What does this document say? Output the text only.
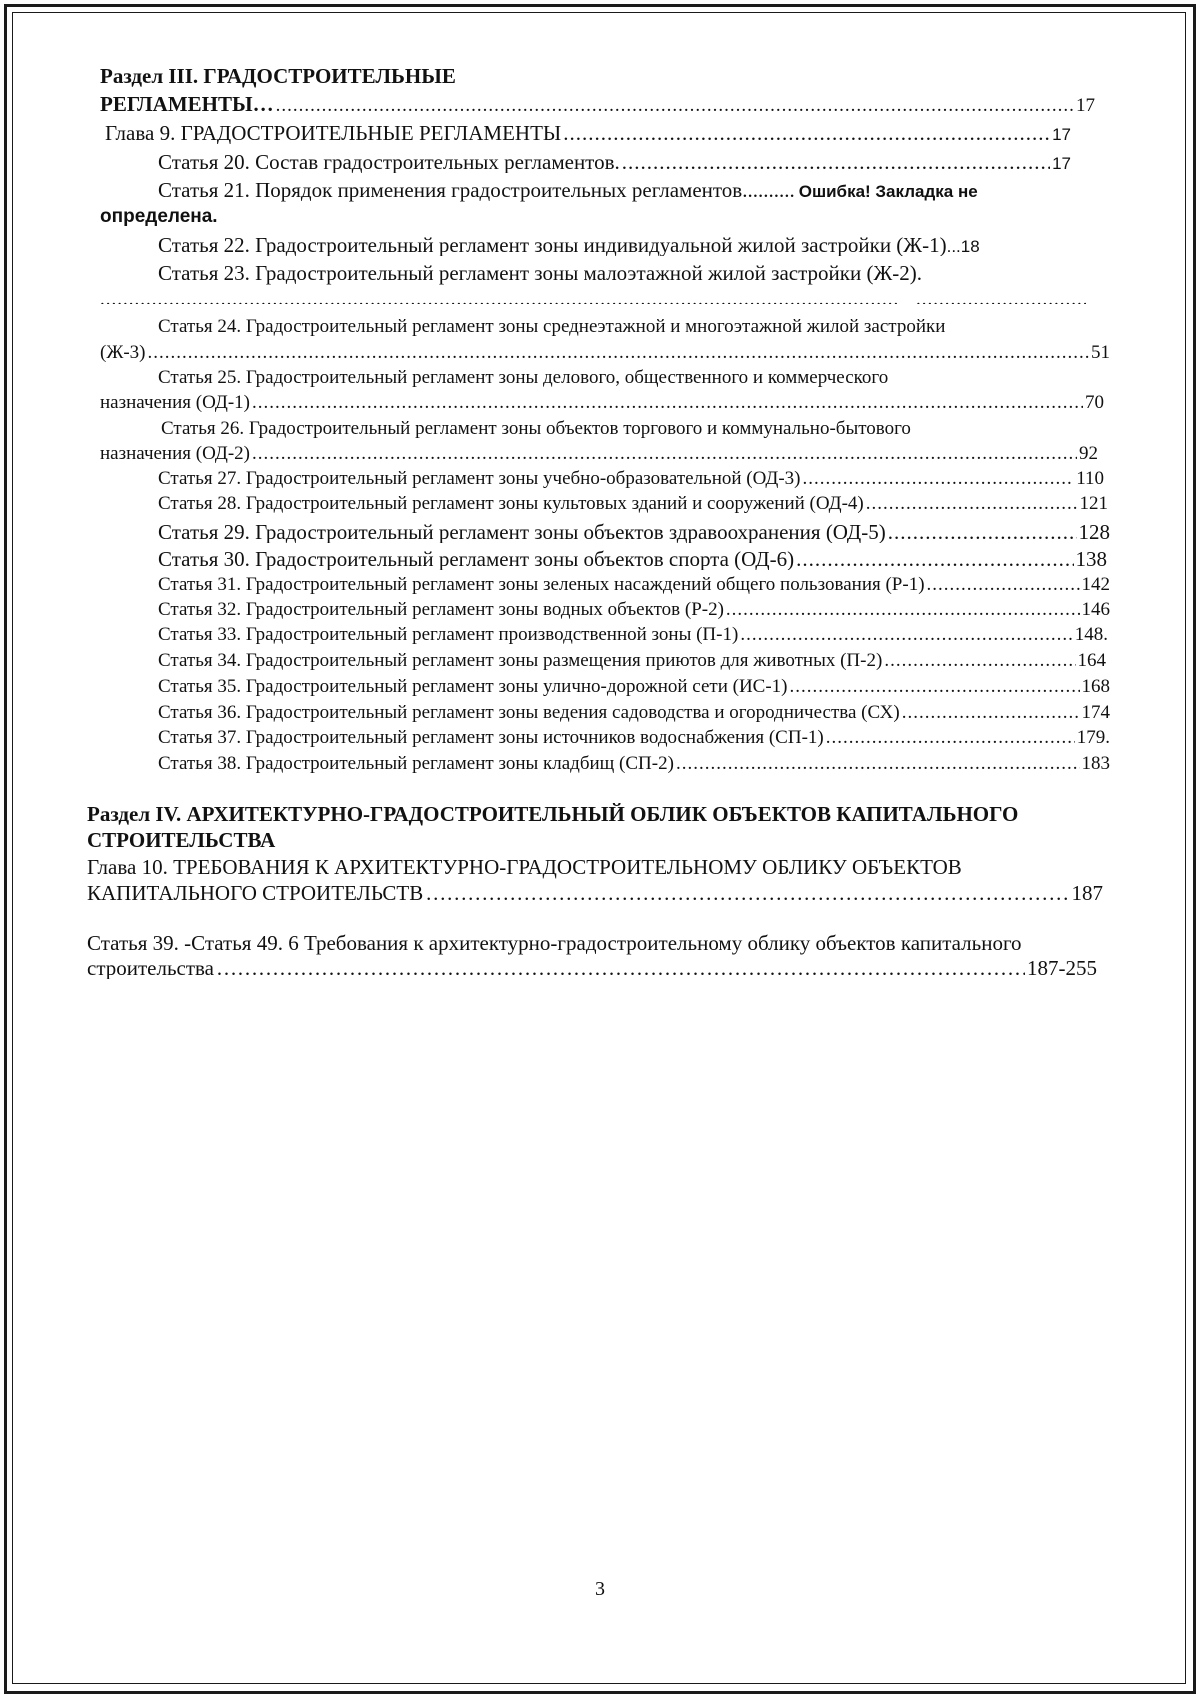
Раздел III. ГРАДОСТРОИТЕЛЬНЫЕ
РЕГЛАМЕНТЫ… .....	17
Глава 9. ГРАДОСТРОИТЕЛЬНЫЕ РЕГЛАМЕНТЫ .....	17
Статья 20. Состав градостроительных регламентов. .....	17
Статья 21. Порядок применения градостроительных регламентов. ......... Ошибка! Закладка не
определена.
Статья 22. Градостроительный регламент зоны индивидуальной жилой застройки (Ж-1) ...18
Статья 23. Градостроительный регламент зоны малоэтажной жилой застройки (Ж-2).
.....
.....
Статья 24. Градостроительный регламент зоны среднеэтажной и многоэтажной жилой застройки
(Ж-3) .....	51
Статья 25. Градостроительный регламент зоны делового, общественного и коммерческого
назначения (ОД-1) .....	70
Статья 26. Градостроительный регламент зоны объектов торгового и коммунально-бытового
назначения (ОД-2) .....	92
Статья 27. Градостроительный регламент зоны учебно-образовательной (ОД-3) .....	110
Статья 28. Градостроительный регламент зоны культовых зданий и сооружений (ОД-4) .....	121
Статья 29. Градостроительный регламент зоны объектов здравоохранения (ОД-5) .....	128
Статья 30. Градостроительный регламент зоны объектов спорта (ОД-6) .....	138
Статья 31. Градостроительный регламент зоны зеленых насаждений общего пользования (Р-1) .....	142
Статья 32. Градостроительный регламент зоны водных объектов (Р-2) .....	146
Статья 33. Градостроительный регламент производственной зоны (П-1) .....	148.
Статья 34. Градостроительный регламент зоны размещения приютов для животных (П-2) .....	164
Статья 35. Градостроительный регламент зоны улично-дорожной сети (ИС-1) .....	168
Статья 36. Градостроительный регламент зоны ведения садоводства и огородничества (СХ) .....	174
Статья 37. Градостроительный регламент зоны источников водоснабжения (СП-1) .....	179.
Статья 38. Градостроительный регламент зоны кладбищ (СП-2) .....	183
Раздел IV. АРХИТЕКТУРНО-ГРАДОСТРОИТЕЛЬНЫЙ ОБЛИК ОБЪЕКТОВ КАПИТАЛЬНОГО
СТРОИТЕЛЬСТВА
Глава 10. ТРЕБОВАНИЯ К АРХИТЕКТУРНО-ГРАДОСТРОИТЕЛЬНОМУ ОБЛИКУ ОБЪЕКТОВ
КАПИТАЛЬНОГО СТРОИТЕЛЬСТВ ……………………………………………………………………………………………………………………………………………………………………………………………………………………………………………………………………………………………	187
Статья 39. -Статья 49. 6 Требования к архитектурно-градостроительному облику объектов капитального
строительства ……………………………………………………………………………………………………………………………………………………………………………………………………………………………………………………………………………………………	187-255
3
